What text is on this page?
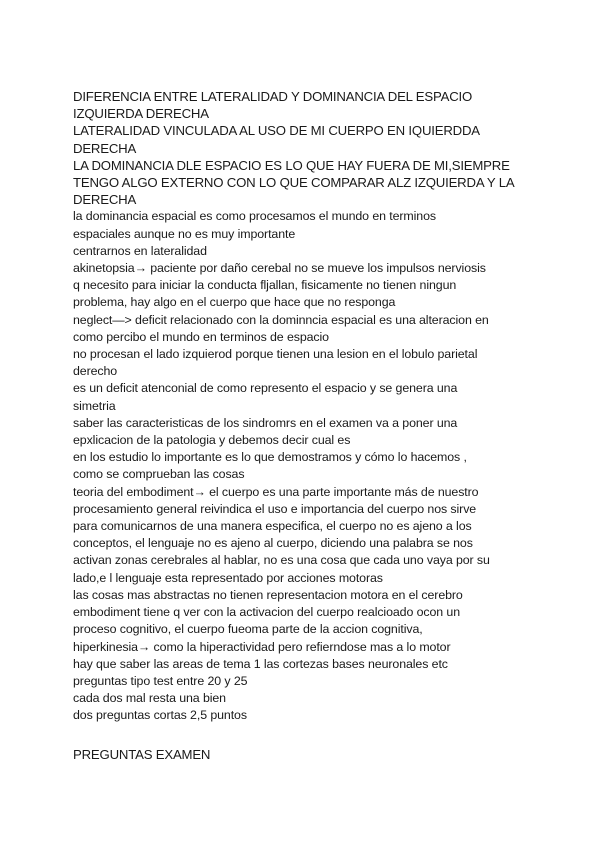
DIFERENCIA ENTRE LATERALIDAD Y DOMINANCIA DEL ESPACIO

IZQUIERDA DERECHA

LATERALIDAD VINCULADA AL USO DE MI CUERPO EN IQUIERDDA

DERECHA

LA DOMINANCIA DLE ESPACIO ES LO QUE HAY FUERA DE MI,SIEMPRE

TENGO ALGO EXTERNO CON LO QUE COMPARAR ALZ IZQUIERDA Y LA

DERECHA

la dominancia espacial es como procesamos el mundo en terminos

espaciales aunque no es muy importante

centrarnos en lateralidad

akinetopsia→ paciente por daño cerebal no se mueve los impulsos nerviosis

q necesito para iniciar la conducta fljallan, fisicamente no tienen ningun

problema, hay algo en el cuerpo que hace que no responga

neglect—> deficit relacionado con la dominncia espacial es una alteracion en

como percibo el mundo en terminos de espacio

no procesan el lado izquierod porque tienen una lesion en el lobulo parietal

derecho

es un deficit atenconial de como represento el espacio y se genera una

simetria

saber las caracteristicas de los sindromrs en el examen va a poner una

epxlicacion de la patologia y debemos decir cual es

en los estudio lo importante es lo que demostramos y cómo lo hacemos ,

como se comprueban las cosas

teoria del embodiment→ el cuerpo es una parte importante más de nuestro

procesamiento general reivindica el uso e importancia del cuerpo nos sirve

para comunicarnos de una manera especifica, el cuerpo no es ajeno a los

conceptos, el lenguaje no es ajeno al cuerpo, diciendo una palabra se nos

activan zonas cerebrales al hablar, no es una cosa que cada uno vaya por su

lado,e l lenguaje esta representado por acciones motoras

las cosas mas abstractas no tienen representacion motora en el cerebro

embodiment tiene q ver con la activacion del cuerpo realcioado ocon un

proceso cognitivo, el cuerpo fueoma parte de la accion cognitiva,

hiperkinesia→ como la hiperactividad pero refierndose mas a lo motor

hay que saber las areas de tema 1 las cortezas bases neuronales etc

preguntas tipo test entre 20 y 25

cada dos mal resta una bien

dos preguntas cortas 2,5 puntos

PREGUNTAS EXAMEN
